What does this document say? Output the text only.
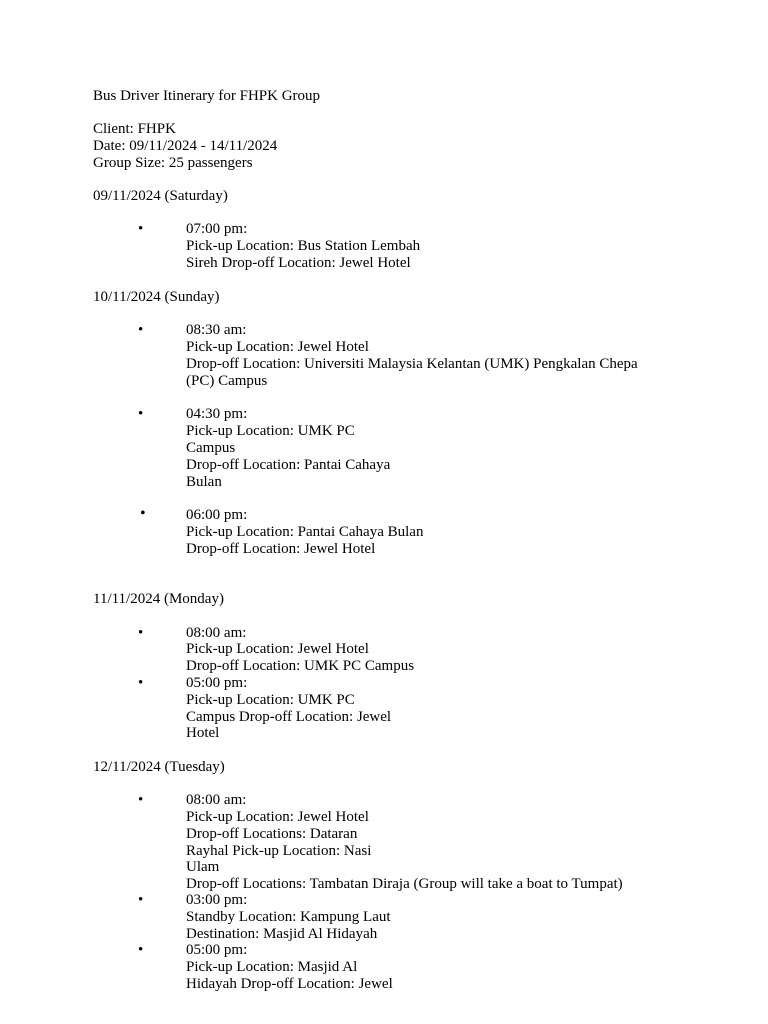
Bus Driver Itinerary for FHPK Group
Client: FHPK
Date: 09/11/2024 - 14/11/2024
Group Size: 25 passengers
09/11/2024 (Saturday)
•	07:00 pm:
Pick-up Location: Bus Station Lembah
Sireh Drop-off Location: Jewel Hotel
10/11/2024 (Sunday)
•	08:30 am:
Pick-up Location: Jewel Hotel
Drop-off Location: Universiti Malaysia Kelantan (UMK) Pengkalan Chepa
(PC) Campus
•	04:30 pm:
Pick-up Location: UMK PC
Campus
Drop-off Location: Pantai Cahaya
Bulan
•	06:00 pm:
Pick-up Location: Pantai Cahaya Bulan
Drop-off Location: Jewel Hotel
11/11/2024 (Monday)
•	08:00 am:
Pick-up Location: Jewel Hotel
Drop-off Location: UMK PC Campus
•	05:00 pm:
Pick-up Location: UMK PC
Campus Drop-off Location: Jewel
Hotel
12/11/2024 (Tuesday)
•	08:00 am:
Pick-up Location: Jewel Hotel
Drop-off Locations: Dataran
Rayhal Pick-up Location: Nasi
Ulam
Drop-off Locations: Tambatan Diraja (Group will take a boat to Tumpat)
•	03:00 pm:
Standby Location: Kampung Laut
Destination: Masjid Al Hidayah
•	05:00 pm:
Pick-up Location: Masjid Al
Hidayah Drop-off Location: Jewel
